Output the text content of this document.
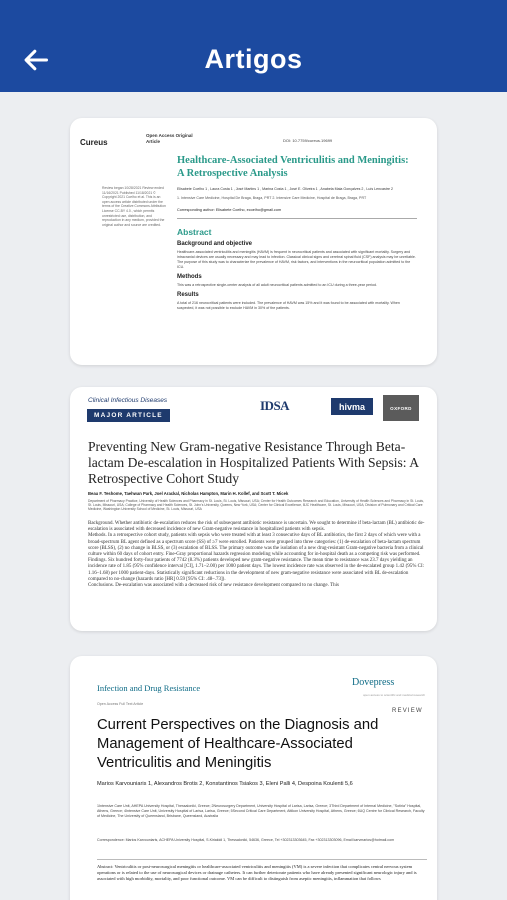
Artigos
Cureus
Open Access Original Article	DOI: 10.7759/cureus.19699
Review began 10/28/2021 Review ended 11/16/2021 Published 11/18/2021 © Copyright 2021 Coelho et al. This is an open access article distributed under the terms of the Creative Commons Attribution License CC-BY 4.0., which permits unrestricted use, distribution, and reproduction in any medium, provided the original author and source are credited.
Healthcare-Associated Ventriculitis and Meningitis: A Retrospective Analysis
Elisabete Coelho 1 , Laura Costa 1 , José Martins 1 , Marina Costa 1 , José E. Oliveira 1 , Anabela Maia Gonçalves 2 , Luís Lencastre 2
1. Intensive Care Medicine, Hospital De Braga, Braga, PRT 2. Intensive Care Medicine, Hospital de Braga, Braga, PRT
Corresponding author: Elisabete Coelho, ecoelho@gmail.com
Abstract
Background and objective
Healthcare-associated ventriculitis and meningitis (HAVM) is frequent in neurocritical patients and associated with significant mortality. Surgery and intracranial devices are usually necessary and may lead to infection. Classical clinical signs and cerebral spinal fluid (CSF) analysis may be unreliable. The purpose of this study was to characterize the prevalence of HAVM, risk factors, and interventions in the neurocritical population admitted to the ICU.
Methods
This was a retrospective single-center analysis of all adult neurocritical patients admitted to an ICU during a three-year period.
Results
A total of 216 neurocritical patients were included. The prevalence of HAVM was 15% and it was found to be associated with mortality. When suspected, it was not possible to exclude HAVM in 30% of the patients.
Clinical Infectious Diseases
MAJOR ARTICLE
IDSA	hivma	OXFORD
Preventing New Gram-negative Resistance Through Beta-lactam De-escalation in Hospitalized Patients With Sepsis: A Retrospective Cohort Study
Beau F. Teshome, Taehwan Park, Joel Arackal, Nicholas Hampton, Marin H. Kollef, and Scott T. Micek
Department of Pharmacy Practice, University of Health Sciences and Pharmacy in St. Louis, St. Louis, Missouri, USA; Center for Health Outcomes Research and Education, University of Health Sciences and Pharmacy in St. Louis, St. Louis, Missouri, USA; College of Pharmacy and Health Sciences, St. John's University, Queens, New York, USA; Center for Clinical Excellence, BJC Healthcare, St. Louis, Missouri, USA; Division of Pulmonary and Critical Care Medicine, Washington University School of Medicine, St. Louis, Missouri, USA

Background. Whether antibiotic de-escalation reduces the risk of subsequent antibiotic resistance is uncertain. We sought to determine if beta-lactam (BL) antibiotic de-escalation is associated with decreased incidence of new Gram-negative resistance in hospitalized patients with sepsis.

Methods. In a retrospective cohort study, patients with sepsis who were treated with at least 3 consecutive days of BL antibiotics, the first 2 days of which were with a broad-spectrum BL agent defined as a spectrum score (SS) of ≥7 were enrolled. Patients were grouped into three categories: (1) de-escalation of beta-lactam spectrum score (BLSS), (2) no change in BLSS, or (3) escalation of BLSS. The primary outcome was the isolation of a new drug-resistant Gram-negative bacteria from a clinical culture within 60 days of cohort entry. Fine-Gray proportional hazards regression modeling while accounting for in-hospital death as a competing risk was performed.

Findings. Six hundred forty-four patients of 7742 (8.3%) patients developed new gram-negative resistance. The mean time to resistance was 23.7 days yielding an incidence rate of 1.85 (95% confidence interval [CI], 1.71–2.00) per 1000 patient days. The lowest incidence rate was observed in the de-escalated group 1.42 (95% CI: 1.16–1.68) per 1000 patient-days. Statistically significant reductions in the development of new gram-negative resistance were associated with BL de-escalation compared to no-change (hazards ratio [HR] 0.59 [95% CI: .48–.73]).

Conclusions. De-escalation was associated with a decreased risk of new resistance development compared to no change. This

Infection and Drug Resistance	Dovepress
open access to scientific and medical research
Open Access Full Text Article
REVIEW
Current Perspectives on the Diagnosis and Management of Healthcare-Associated Ventriculitis and Meningitis
Marios Karvouniaris 1, Alexandros Brotis 2, Konstantinos Tsiakos 3, Eleni Palli 4, Despoina Koulenti 5,6
1Intensive Care Unit, AHEPA University Hospital, Thessaloniki, Greece; 2Neurosurgery Department, University Hospital of Larisa, Larisa, Greece; 3Third Department of Internal Medicine, "Sotiria" Hospital, Athens, Greece; 4Intensive Care Unit, University Hospital of Larisa, Larisa, Greece; 5Second Critical Care Department, Attikon University Hospital, Athens, Greece; 6UQ Centre for Clinical Research, Faculty of Medicine, The University of Queensland, Brisbane, Queensland, Australia
Correspondence: Marios Karvouniaris, ACHEPA University Hospital, S.Kiriakidi 1, Thessaloniki, 54636, Greece, Tel +302313303645, Fax +302313303096, Email karvmarios@hotmail.com
Abstract: Ventriculitis or post-neurosurgical meningitis or healthcare-associated ventriculitis and meningitis (VM) is a severe infection that complicates central nervous system operations or is related to the use of neurosurgical devices or drainage catheters. It can further deteriorate patients who have already presented significant neurologic injury and is associated with high morbidity, mortality, and poor functional outcome. VM can be difficult to distinguish from aseptic meningitis, inflammation that follows
